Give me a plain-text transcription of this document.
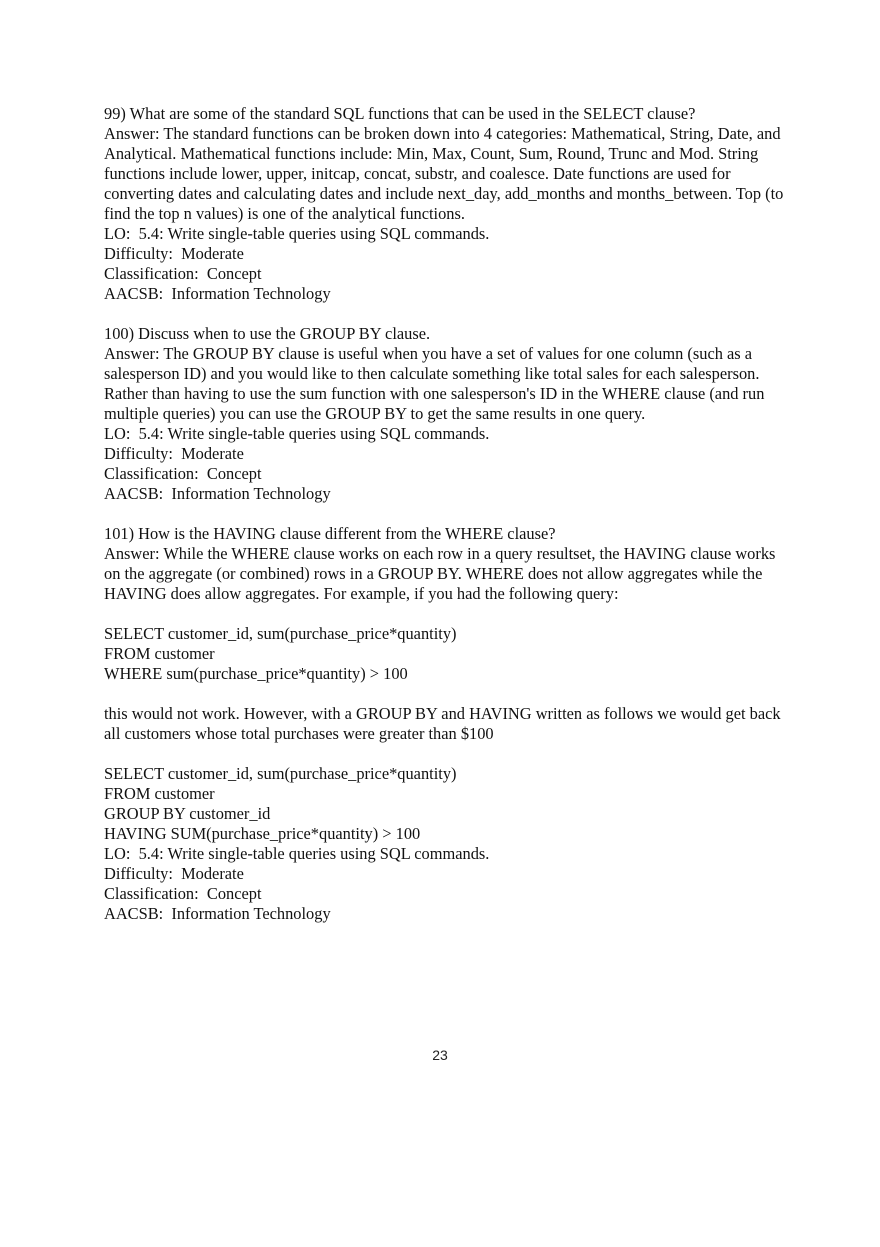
99) What are some of the standard SQL functions that can be used in the SELECT clause?
Answer: The standard functions can be broken down into 4 categories: Mathematical, String, Date, and Analytical. Mathematical functions include: Min, Max, Count, Sum, Round, Trunc and Mod. String functions include lower, upper, initcap, concat, substr, and coalesce. Date functions are used for converting dates and calculating dates and include next_day, add_months and months_between. Top (to find the top n values) is one of the analytical functions.
LO:  5.4: Write single-table queries using SQL commands.
Difficulty:  Moderate
Classification:  Concept
AACSB:  Information Technology
100) Discuss when to use the GROUP BY clause.
Answer: The GROUP BY clause is useful when you have a set of values for one column (such as a salesperson ID) and you would like to then calculate something like total sales for each salesperson. Rather than having to use the sum function with one salesperson's ID in the WHERE clause (and run multiple queries) you can use the GROUP BY to get the same results in one query.
LO:  5.4: Write single-table queries using SQL commands.
Difficulty:  Moderate
Classification:  Concept
AACSB:  Information Technology
101) How is the HAVING clause different from the WHERE clause?
Answer: While the WHERE clause works on each row in a query resultset, the HAVING clause works on the aggregate (or combined) rows in a GROUP BY. WHERE does not allow aggregates while the HAVING does allow aggregates. For example, if you had the following query:
SELECT customer_id, sum(purchase_price*quantity)
FROM customer
WHERE sum(purchase_price*quantity) > 100
this would not work. However, with a GROUP BY and HAVING written as follows we would get back all customers whose total purchases were greater than $100
SELECT customer_id, sum(purchase_price*quantity)
FROM customer
GROUP BY customer_id
HAVING SUM(purchase_price*quantity) > 100
LO:  5.4: Write single-table queries using SQL commands.
Difficulty:  Moderate
Classification:  Concept
AACSB:  Information Technology
23
